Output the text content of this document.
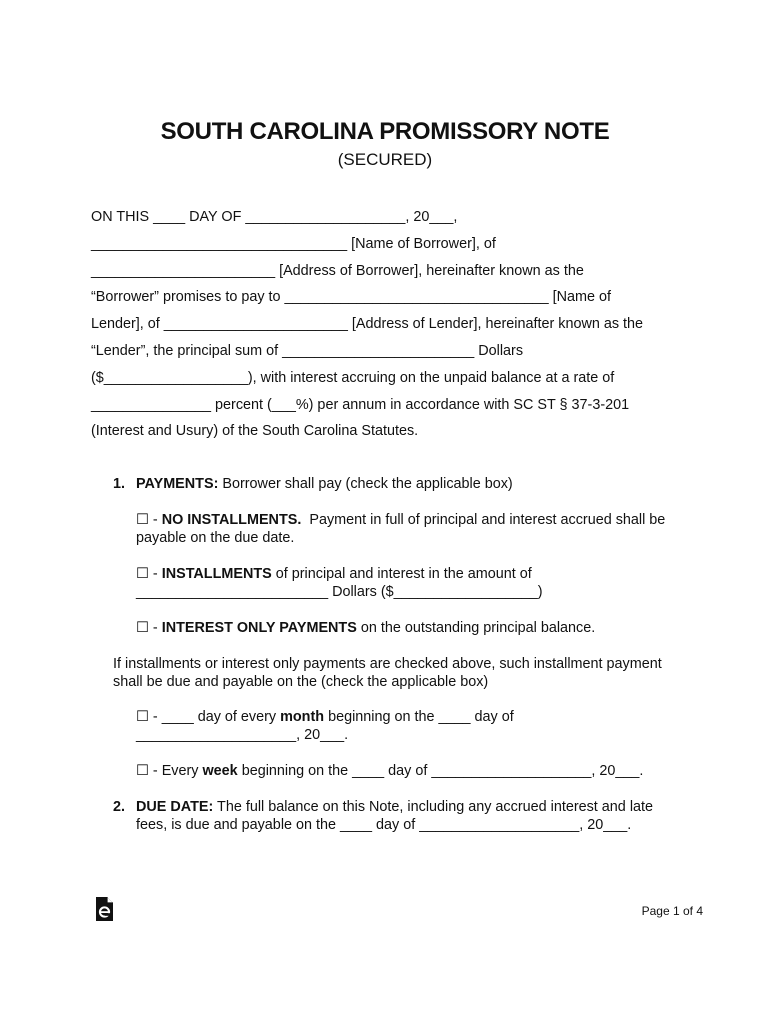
SOUTH CAROLINA PROMISSORY NOTE
(SECURED)
ON THIS ____ DAY OF ____________________, 20___,
________________________________ [Name of Borrower], of
_______________________ [Address of Borrower], hereinafter known as the
“Borrower” promises to pay to _________________________________ [Name of
Lender], of _______________________ [Address of Lender], hereinafter known as the
“Lender”, the principal sum of ________________________ Dollars
($__________________), with interest accruing on the unpaid balance at a rate of
_______________ percent (___%) per annum in accordance with SC ST § 37-3-201
(Interest and Usury) of the South Carolina Statutes.
1. PAYMENTS: Borrower shall pay (check the applicable box)
☐ - NO INSTALLMENTS. Payment in full of principal and interest accrued shall be payable on the due date.
☐ - INSTALLMENTS of principal and interest in the amount of
________________________ Dollars ($__________________)
☐ - INTEREST ONLY PAYMENTS on the outstanding principal balance.
If installments or interest only payments are checked above, such installment payment shall be due and payable on the (check the applicable box)
☐ - ____ day of every month beginning on the ____ day of
____________________, 20___.
☐ - Every week beginning on the ____ day of ____________________, 20___.
2. DUE DATE: The full balance on this Note, including any accrued interest and late fees, is due and payable on the ____ day of ____________________, 20___.
Page 1 of 4
